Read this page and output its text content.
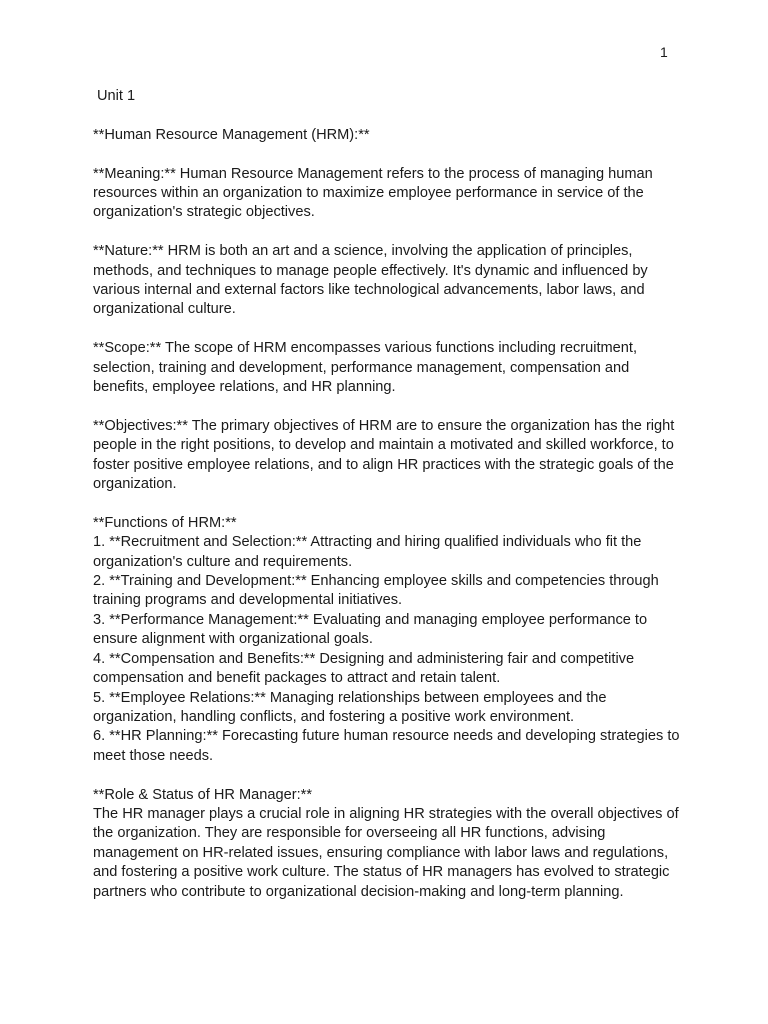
1

Unit 1

**Human Resource Management (HRM):**

**Meaning:** Human Resource Management refers to the process of managing human resources within an organization to maximize employee performance in service of the organization's strategic objectives.

**Nature:** HRM is both an art and a science, involving the application of principles, methods, and techniques to manage people effectively. It's dynamic and influenced by various internal and external factors like technological advancements, labor laws, and organizational culture.

**Scope:** The scope of HRM encompasses various functions including recruitment, selection, training and development, performance management, compensation and benefits, employee relations, and HR planning.

**Objectives:** The primary objectives of HRM are to ensure the organization has the right people in the right positions, to develop and maintain a motivated and skilled workforce, to foster positive employee relations, and to align HR practices with the strategic goals of the organization.

**Functions of HRM:**

1. **Recruitment and Selection:** Attracting and hiring qualified individuals who fit the organization's culture and requirements.
2. **Training and Development:** Enhancing employee skills and competencies through training programs and developmental initiatives.
3. **Performance Management:** Evaluating and managing employee performance to ensure alignment with organizational goals.
4. **Compensation and Benefits:** Designing and administering fair and competitive compensation and benefit packages to attract and retain talent.
5. **Employee Relations:** Managing relationships between employees and the organization, handling conflicts, and fostering a positive work environment.
6. **HR Planning:** Forecasting future human resource needs and developing strategies to meet those needs.

**Role & Status of HR Manager:**

The HR manager plays a crucial role in aligning HR strategies with the overall objectives of the organization. They are responsible for overseeing all HR functions, advising management on HR-related issues, ensuring compliance with labor laws and regulations, and fostering a positive work culture. The status of HR managers has evolved to strategic partners who contribute to organizational decision-making and long-term planning.
